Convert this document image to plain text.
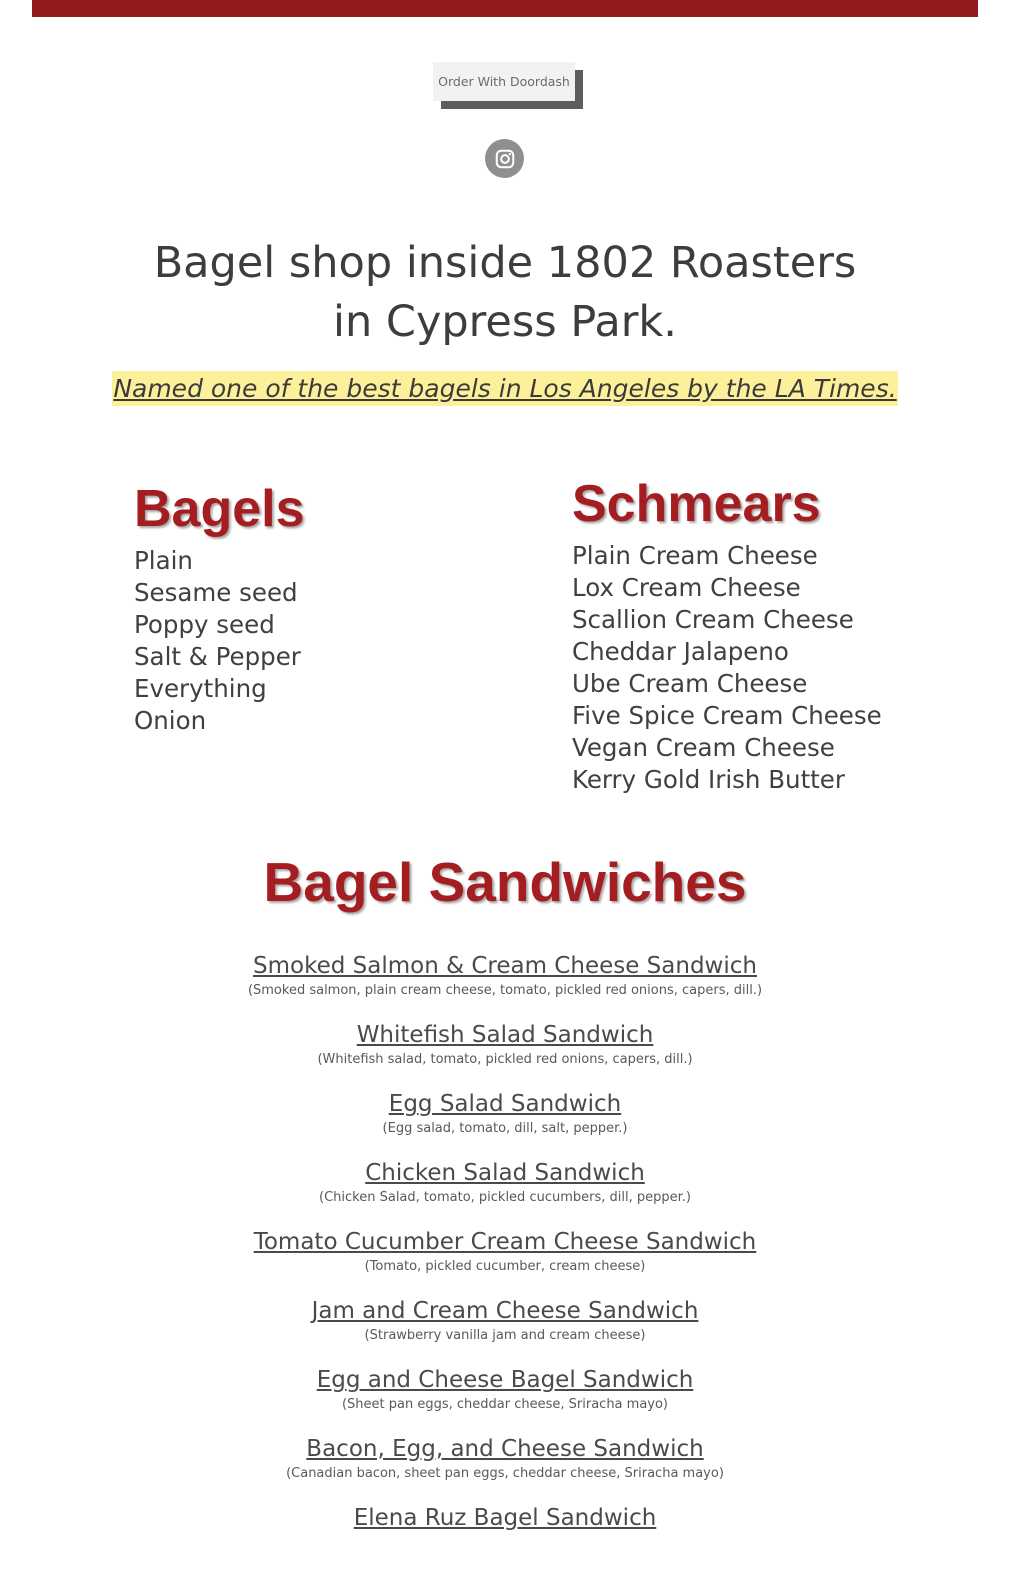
Order With Doordash
Bagel shop inside 1802 Roasters
in Cypress Park.
Named one of the best bagels in Los Angeles by the LA Times.
Bagels
Plain
Sesame seed
Poppy seed
Salt & Pepper
Everything
Onion
Schmears
Plain Cream Cheese
Lox Cream Cheese
Scallion Cream Cheese
Cheddar Jalapeno
Ube Cream Cheese
Five Spice Cream Cheese
Vegan Cream Cheese
Kerry Gold Irish Butter
Bagel Sandwiches
Smoked Salmon & Cream Cheese Sandwich
(Smoked salmon, plain cream cheese, tomato, pickled red onions, capers, dill.)
Whitefish Salad Sandwich
(Whitefish salad, tomato, pickled red onions, capers, dill.)
Egg Salad Sandwich
(Egg salad, tomato, dill, salt, pepper.)
Chicken Salad Sandwich
(Chicken Salad, tomato, pickled cucumbers, dill, pepper.)
Tomato Cucumber Cream Cheese Sandwich
(Tomato, pickled cucumber, cream cheese)
Jam and Cream Cheese Sandwich
(Strawberry vanilla jam and cream cheese)
Egg and Cheese Bagel Sandwich
(Sheet pan eggs, cheddar cheese, Sriracha mayo)
Bacon, Egg, and Cheese Sandwich
(Canadian bacon, sheet pan eggs, cheddar cheese, Sriracha mayo)
Elena Ruz Bagel Sandwich
